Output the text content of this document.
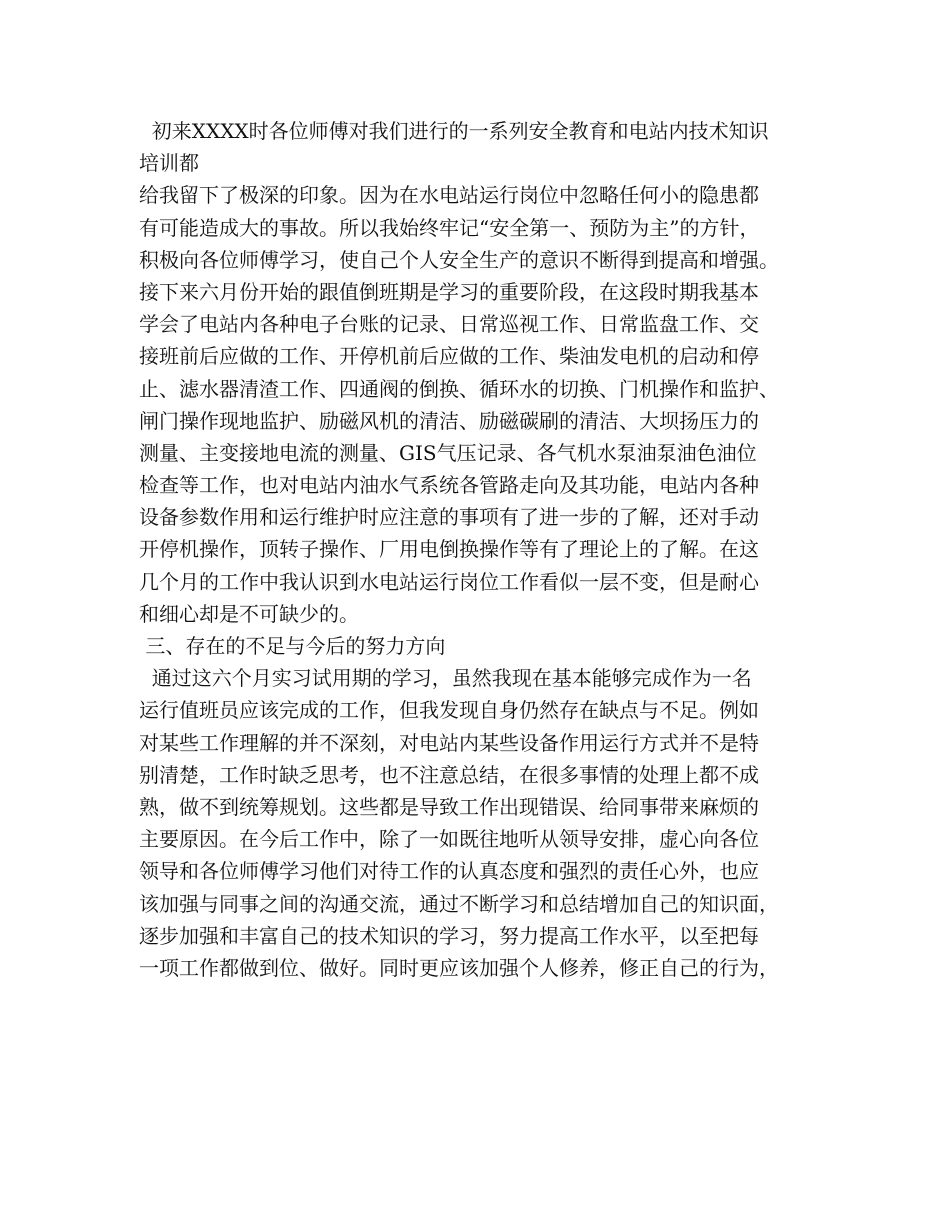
初来XXXX时各位师傅对我们进行的一系列安全教育和电站内技术知识
培训都
给我留下了极深的印象。因为在水电站运行岗位中忽略任何小的隐患都
有可能造成大的事故。所以我始终牢记“安全第一、预防为主”的方针，
积极向各位师傅学习，使自己个人安全生产的意识不断得到提高和增强。
接下来六月份开始的跟值倒班期是学习的重要阶段，在这段时期我基本
学会了电站内各种电子台账的记录、日常巡视工作、日常监盘工作、交
接班前后应做的工作、开停机前后应做的工作、柴油发电机的启动和停
止、滤水器清渣工作、四通阀的倒换、循环水的切换、门机操作和监护、
闸门操作现地监护、励磁风机的清洁、励磁碳刷的清洁、大坝扬压力的
测量、主变接地电流的测量、GIS气压记录、各气机水泵油泵油色油位
检查等工作，也对电站内油水气系统各管路走向及其功能，电站内各种
设备参数作用和运行维护时应注意的事项有了进一步的了解，还对手动
开停机操作，顶转子操作、厂用电倒换操作等有了理论上的了解。在这
几个月的工作中我认识到水电站运行岗位工作看似一层不变，但是耐心
和细心却是不可缺少的。
三、存在的不足与今后的努力方向
通过这六个月实习试用期的学习，虽然我现在基本能够完成作为一名
运行值班员应该完成的工作，但我发现自身仍然存在缺点与不足。例如
对某些工作理解的并不深刻，对电站内某些设备作用运行方式并不是特
别清楚，工作时缺乏思考，也不注意总结，在很多事情的处理上都不成
熟，做不到统筹规划。这些都是导致工作出现错误、给同事带来麻烦的
主要原因。在今后工作中，除了一如既往地听从领导安排，虚心向各位
领导和各位师傅学习他们对待工作的认真态度和强烈的责任心外，也应
该加强与同事之间的沟通交流，通过不断学习和总结增加自己的知识面，
逐步加强和丰富自己的技术知识的学习，努力提高工作水平，以至把每
一项工作都做到位、做好。同时更应该加强个人修养，修正自己的行为，
